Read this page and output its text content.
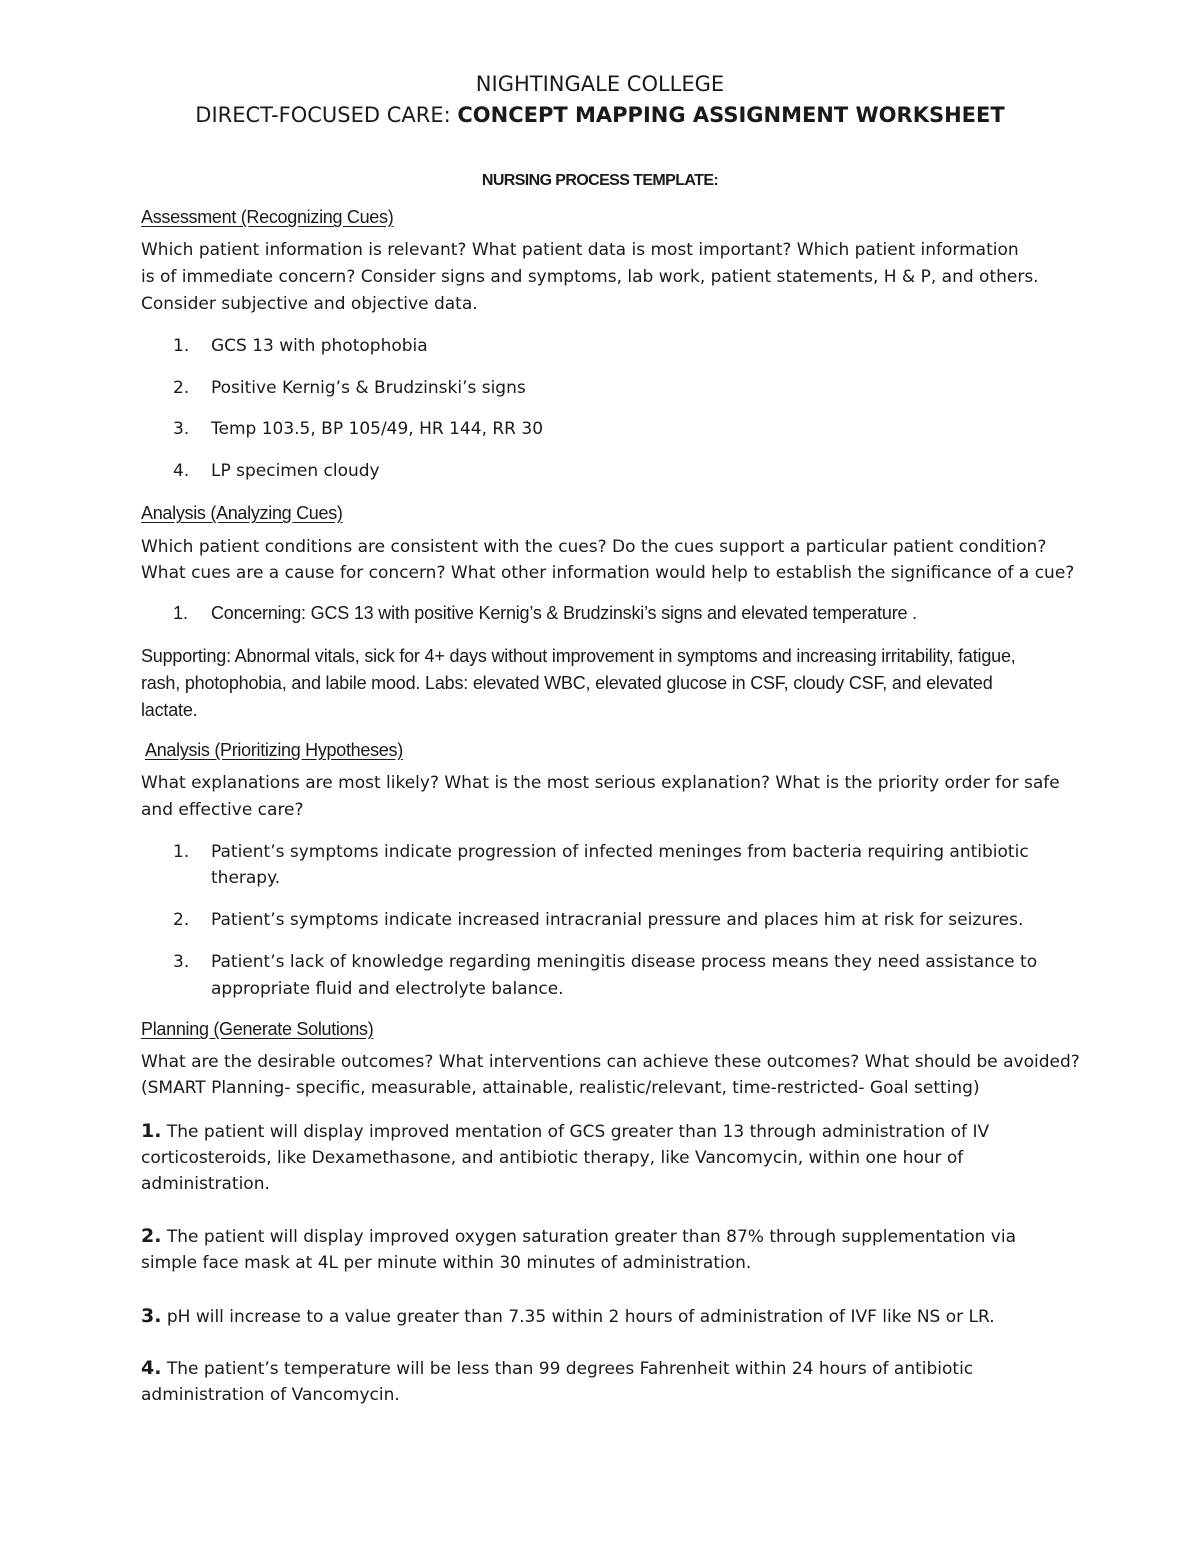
NIGHTINGALE COLLEGE
DIRECT-FOCUSED CARE: CONCEPT MAPPING ASSIGNMENT WORKSHEET
NURSING PROCESS TEMPLATE:
Assessment (Recognizing Cues)
Which patient information is relevant? What patient data is most important? Which patient information
is of immediate concern? Consider signs and symptoms, lab work, patient statements, H & P, and others.
Consider subjective and objective data.
1. GCS 13 with photophobia
2. Positive Kernig’s & Brudzinski’s signs
3. Temp 103.5, BP 105/49, HR 144, RR 30
4. LP specimen cloudy
Analysis (Analyzing Cues)
Which patient conditions are consistent with the cues? Do the cues support a particular patient condition?
What cues are a cause for concern? What other information would help to establish the significance of a cue?
1. Concerning: GCS 13 with positive Kernig’s & Brudzinski’s signs and elevated temperature .
Supporting: Abnormal vitals, sick for 4+ days without improvement in symptoms and increasing irritability, fatigue,
rash, photophobia, and labile mood. Labs: elevated WBC, elevated glucose in CSF, cloudy CSF, and elevated
lactate.
Analysis (Prioritizing Hypotheses)
What explanations are most likely? What is the most serious explanation? What is the priority order for safe
and effective care?
1. Patient’s symptoms indicate progression of infected meninges from bacteria requiring antibiotic
therapy.
2. Patient’s symptoms indicate increased intracranial pressure and places him at risk for seizures.
3. Patient’s lack of knowledge regarding meningitis disease process means they need assistance to
appropriate fluid and electrolyte balance.
Planning (Generate Solutions)
What are the desirable outcomes? What interventions can achieve these outcomes? What should be avoided?
(SMART Planning- specific, measurable, attainable, realistic/relevant, time-restricted- Goal setting)
1. The patient will display improved mentation of GCS greater than 13 through administration of IV
corticosteroids, like Dexamethasone, and antibiotic therapy, like Vancomycin, within one hour of
administration.
2. The patient will display improved oxygen saturation greater than 87% through supplementation via
simple face mask at 4L per minute within 30 minutes of administration.
3. pH will increase to a value greater than 7.35 within 2 hours of administration of IVF like NS or LR.
4. The patient’s temperature will be less than 99 degrees Fahrenheit within 24 hours of antibiotic
administration of Vancomycin.
